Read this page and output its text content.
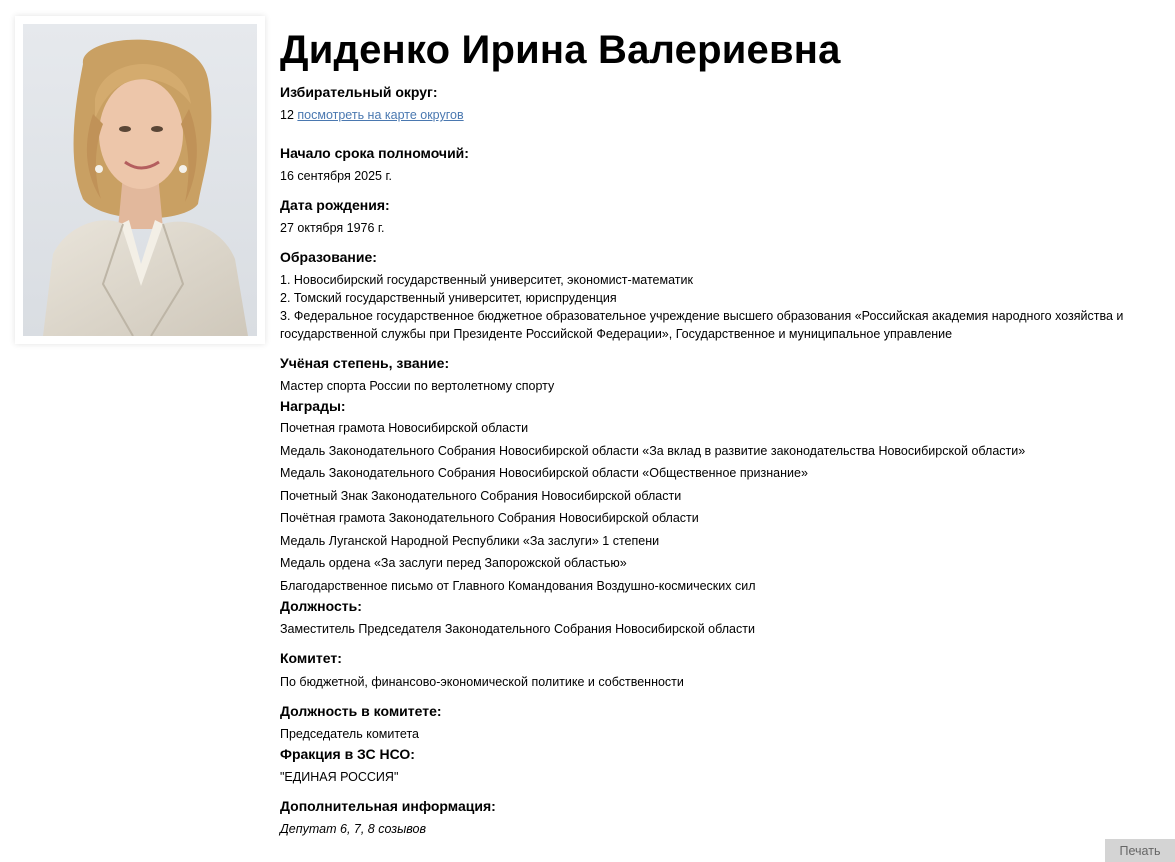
Диденко Ирина Валериевна
Избирательный округ:
12 посмотреть на карте округов
Начало срока полномочий:
16 сентября 2025 г.
Дата рождения:
27 октября 1976 г.
Образование:
1. Новосибирский государственный университет, экономист-математик
2. Томский государственный университет, юриспруденция
3. Федеральное государственное бюджетное образовательное учреждение высшего образования «Российская академия народного хозяйства и государственной службы при Президенте Российской Федерации», Государственное и муниципальное управление
Учёная степень, звание:
Мастер спорта России по вертолетному спорту
Награды:
Почетная грамота Новосибирской области
Медаль Законодательного Собрания Новосибирской области «За вклад в развитие законодательства Новосибирской области»
Медаль Законодательного Собрания Новосибирской области «Общественное признание»
Почетный Знак Законодательного Собрания Новосибирской области
Почётная грамота Законодательного Собрания Новосибирской области
Медаль Луганской Народной Республики «За заслуги» 1 степени
Медаль ордена «За заслуги перед Запорожской областью»
Благодарственное письмо от Главного Командования Воздушно-космических сил
Должность:
Заместитель Председателя Законодательного Собрания Новосибирской области
Комитет:
По бюджетной, финансово-экономической политике и собственности
Должность в комитете:
Председатель комитета
Фракция в ЗС НСО:
"ЕДИНАЯ РОССИЯ"
Дополнительная информация:
Депутат 6, 7, 8 созывов
Печать
